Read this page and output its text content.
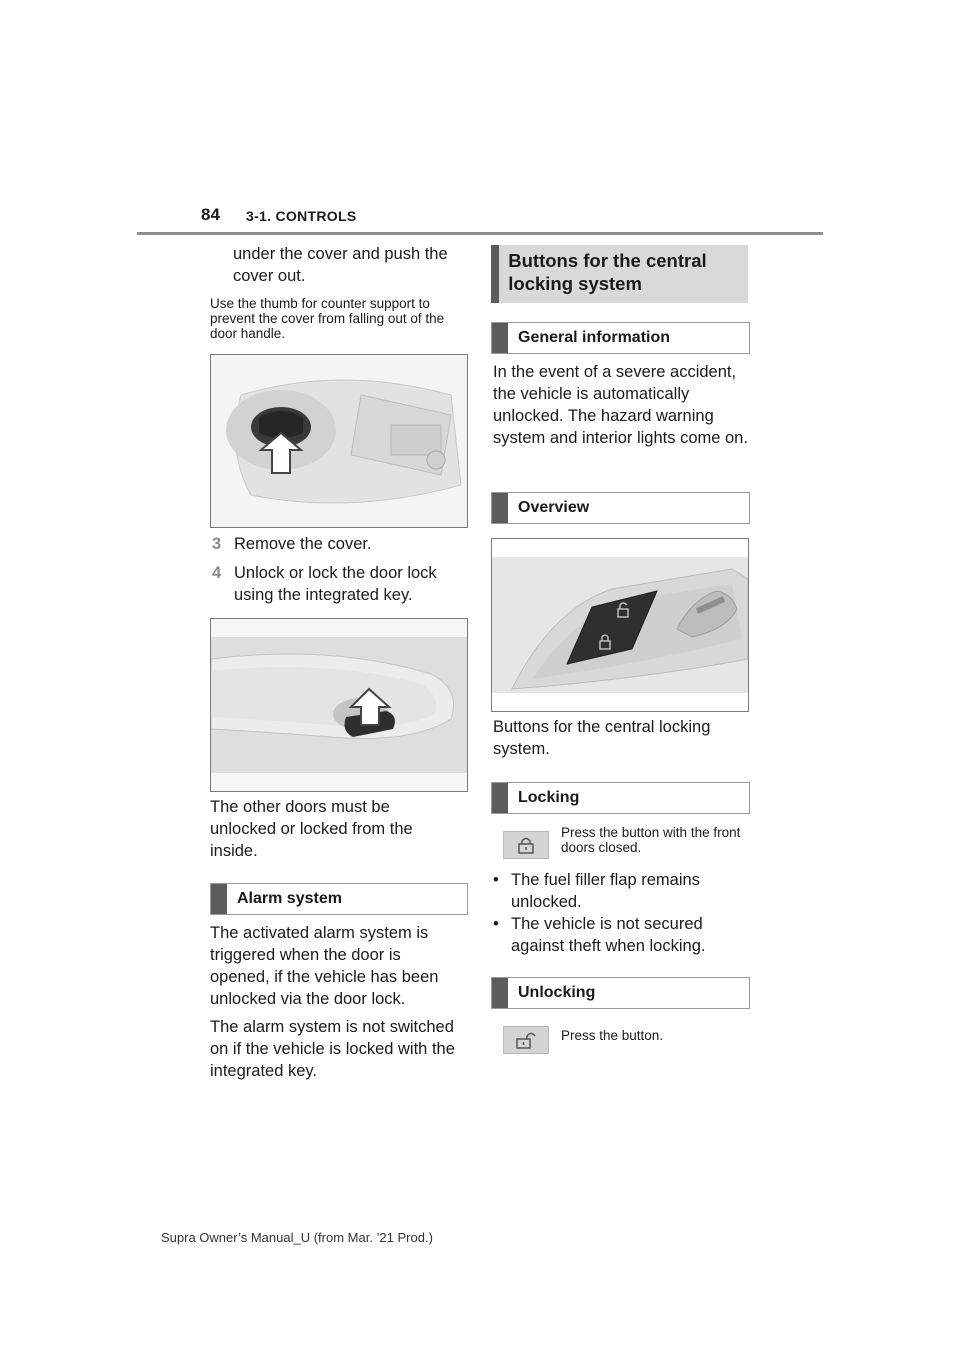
84 3-1. CONTROLS
under the cover and push the cover out.
Use the thumb for counter support to prevent the cover from falling out of the door handle.
3 Remove the cover.
4 Unlock or lock the door lock using the integrated key.
The other doors must be unlocked or locked from the inside.
Alarm system
The activated alarm system is triggered when the door is opened, if the vehicle has been unlocked via the door lock.
The alarm system is not switched on if the vehicle is locked with the integrated key.
Buttons for the central locking system
General information
In the event of a severe accident, the vehicle is automatically unlocked. The hazard warning system and interior lights come on.
Overview
Buttons for the central locking system.
Locking
Press the button with the front doors closed.
• The fuel filler flap remains unlocked.
• The vehicle is not secured against theft when locking.
Unlocking
Press the button.
Supra Owner’s Manual_U (from Mar. ’21 Prod.)
